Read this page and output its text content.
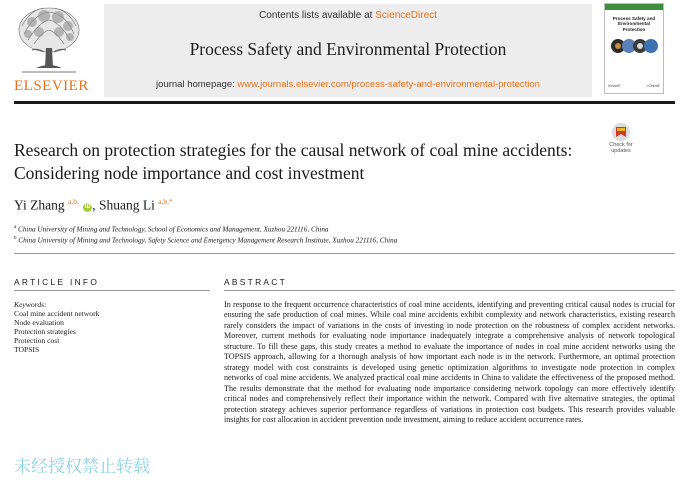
ELSEVIER
Contents lists available at ScienceDirect
Process Safety and Environmental Protection
journal homepage: www.journals.elsevier.com/process-safety-and-environmental-protection
Process Safety and Environmental Protection
IChemE	IChemE
Check for updates
Research on protection strategies for the causal network of coal mine accidents: Considering node importance and cost investment
Yi Zhang $^{a,b,}$ iD , Shuang Li $^{a,b,*}$
$^a$ China University of Mining and Technology, School of Economics and Management, Xuzhou 221116, China
$^b$ China University of Mining and Technology, Safety Science and Emergency Management Research Institute, Xuzhou 221116, China
ARTICLE INFO
Keywords:
Coal mine accident network
Node evaluation
Protection strategies
Protection cost
TOPSIS
ABSTRACT
In response to the frequent occurrence characteristics of coal mine accidents, identifying and preventing critical causal nodes is crucial for ensuring the safe production of coal mines. While coal mine accidents exhibit complexity and network characteristics, existing research rarely considers the impact of variations in the costs of investing in node protection on the robustness of complex accident networks. Moreover, current methods for evaluating node importance inadequately integrate a comprehensive analysis of network topological structure. To fill these gaps, this study creates a method to evaluate the importance of nodes in coal mine accident networks using the TOPSIS approach, allowing for a thorough analysis of how important each node is in the network. Furthermore, an optimal protection strategy model with cost constraints is developed using genetic optimization algorithms to investigate node protection in complex networks of coal mine accidents. We analyzed practical coal mine accidents in China to validate the effectiveness of the proposed method. The results demonstrate that the method for evaluating node importance considering network topology can more effectively identify critical nodes and comprehensively reflect their importance within the network. Compared with five alternative strategies, the optimal protection strategy achieves superior performance regardless of variations in protection cost budgets. This research provides valuable insights for cost allocation in accident prevention node investment, aiming to reduce accident occurrence rates.
未经授权禁止转载
